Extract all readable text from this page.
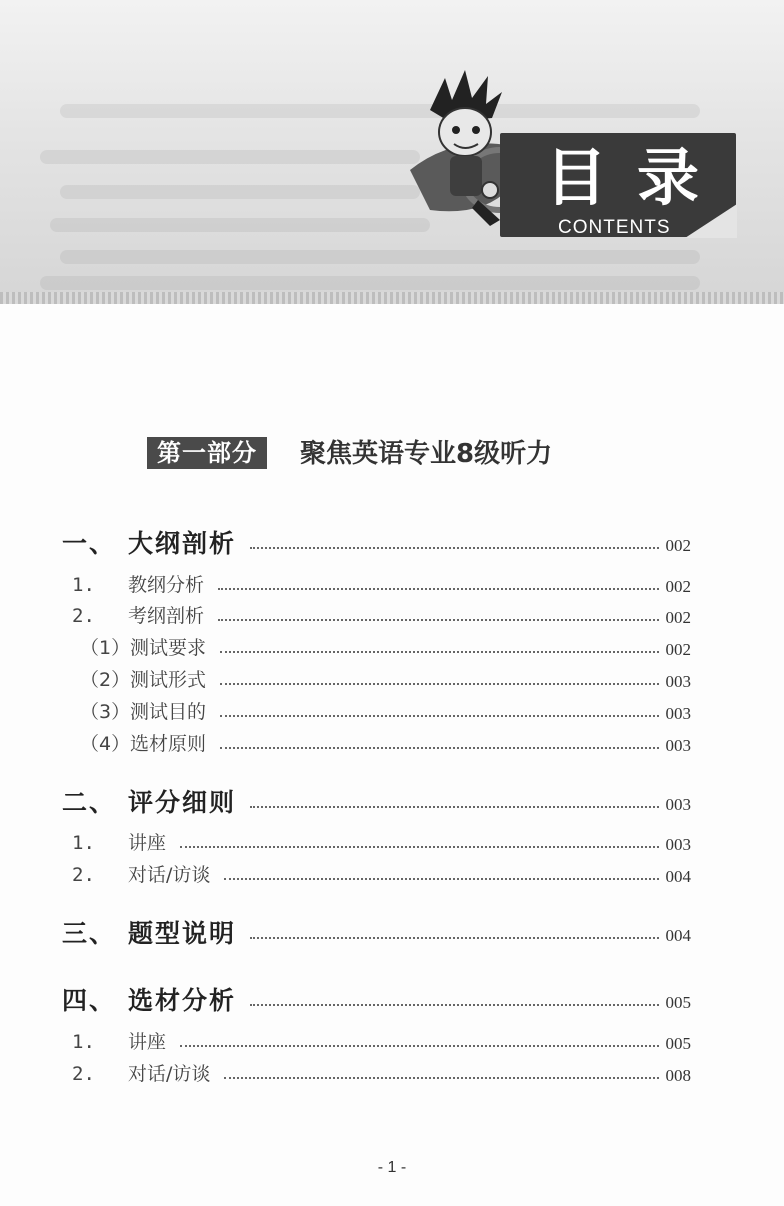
目录
CONTENTS
第一部分	聚焦英语专业8级听力
一、 大纲剖析	002
1. 教纲分析	002
2. 考纲剖析	002
（1） 测试要求	002
（2） 测试形式	003
（3） 测试目的	003
（4） 选材原则	003
二、 评分细则	003
1. 讲座	003
2. 对话/访谈	004
三、 题型说明	004
四、 选材分析	005
1. 讲座	005
2. 对话/访谈	008
- 1 -
